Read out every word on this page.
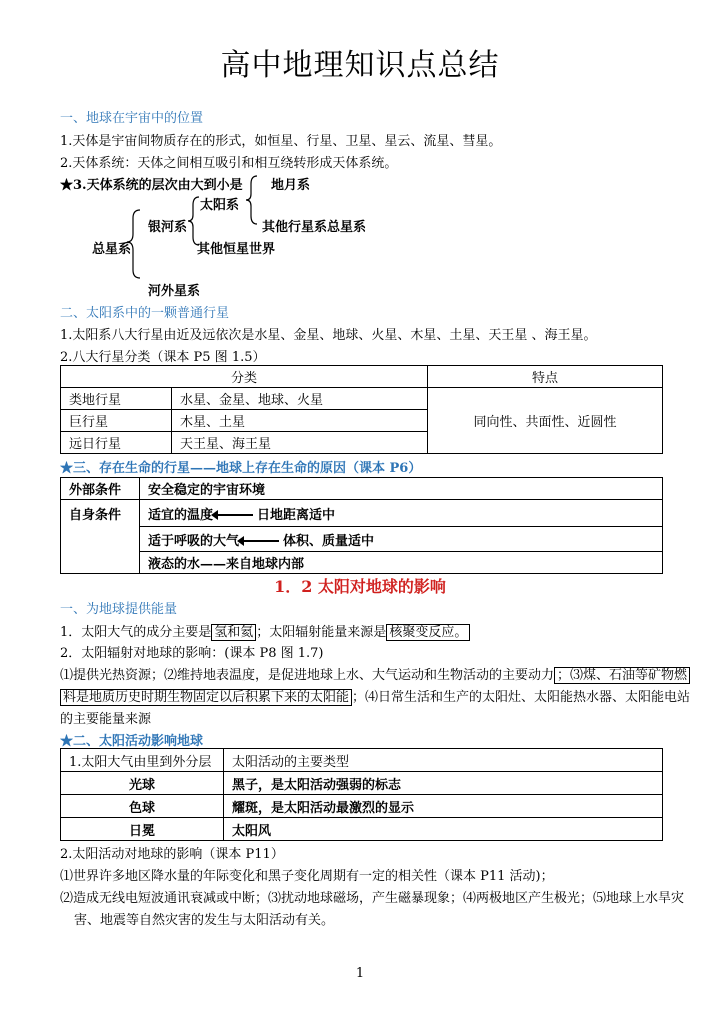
高中地理知识点总结
一、地球在宇宙中的位置
1.天体是宇宙间物质存在的形式，如恒星、行星、卫星、星云、流星、彗星。
2.天体系统：天体之间相互吸引和相互绕转形成天体系统。
★3.天体系统的层次由大到小是 地月系
太阳系
其他行星系总星系
银河系
其他恒星世界
总星系
河外星系
二、太阳系中的一颗普通行星
1.太阳系八大行星由近及远依次是水星、金星、地球、火星、木星、土星、天王星 、海王星。
2.八大行星分类（课本 P5 图 1.5）
分类		特点
类地行星	水星、金星、地球、火星	同向性、共面性、近圆性
巨行星	木星、土星	
远日行星	天王星、海王星	
★三、存在生命的行星——地球上存在生命的原因（课本 P6）
外部条件	安全稳定的宇宙环境
自身条件	适宜的温度 日地距离适中
	适于呼吸的大气 体积、质量适中
	液态的水——来自地球内部
1．2 太阳对地球的影响
一、为地球提供能量
1．太阳大气的成分主要是 氢和氦 ；太阳辐射能量来源是 核聚变反应。
2．太阳辐射对地球的影响：(课本 P8 图 1.7)
⑴提供光热资源；⑵维持地表温度，是促进地球上水、大气运动和生物活动的主要动力 ；⑶煤、石油等矿物燃
料是地质历史时期生物固定以后积累下来的太阳能 ；⑷日常生活和生产的太阳灶、太阳能热水器、太阳能电站
的主要能量来源
★二、太阳活动影响地球
1.太阳大气由里到外分层	太阳活动的主要类型
光球	黑子，是太阳活动强弱的标志
色球	耀斑，是太阳活动最激烈的显示
日冕	太阳风
2.太阳活动对地球的影响（课本 P11）
⑴世界许多地区降水量的年际变化和黑子变化周期有一定的相关性（课本 P11 活动)；
⑵造成无线电短波通讯衰减或中断；⑶扰动地球磁场，产生磁暴现象；⑷两极地区产生极光；⑸地球上水旱灾
害、地震等自然灾害的发生与太阳活动有关。
1
